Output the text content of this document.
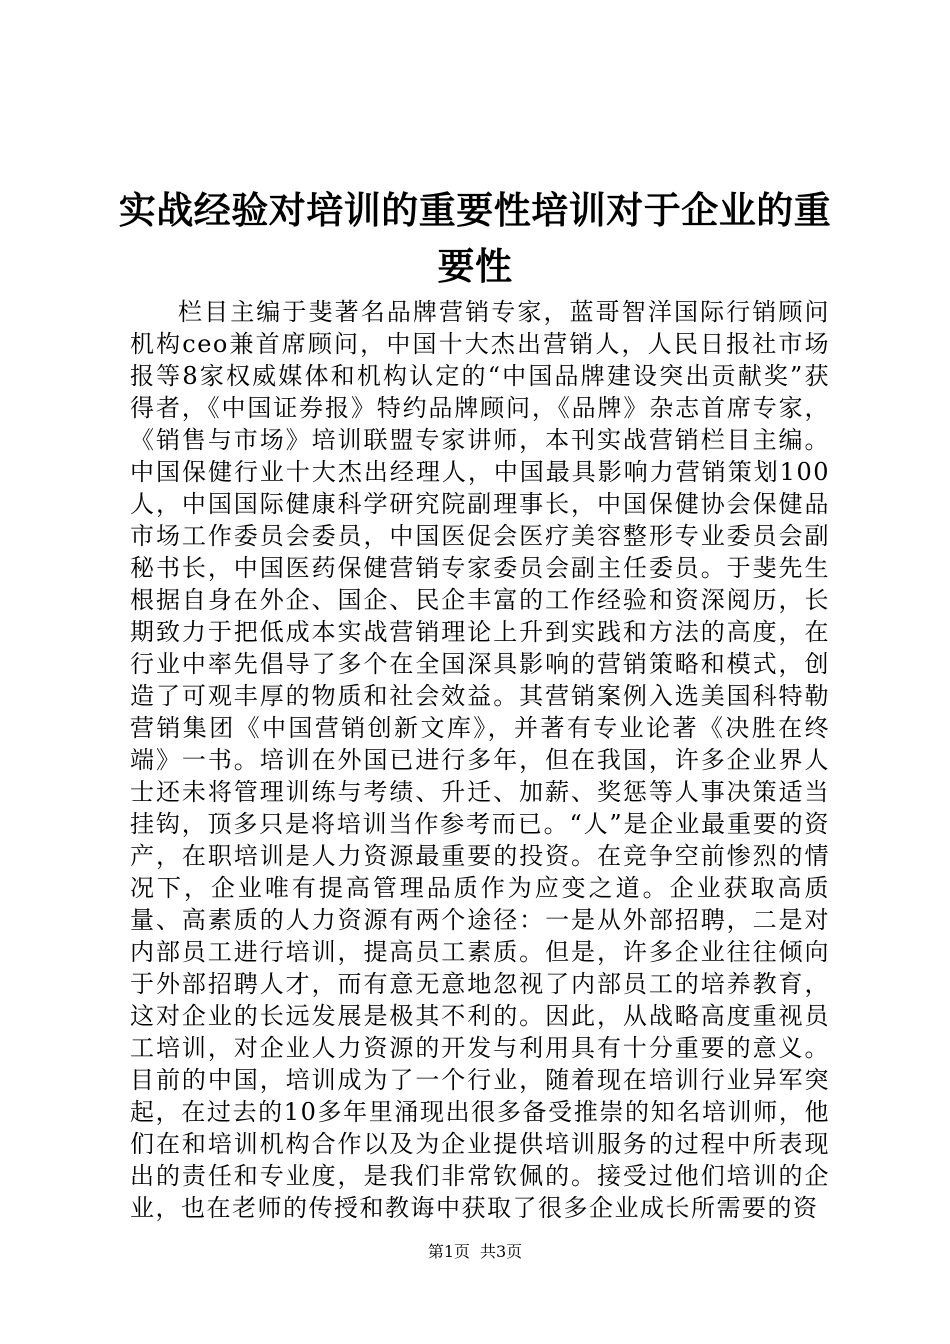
实战经验对培训的重要性培训对于企业的重要性

栏目主编于斐著名品牌营销专家，蓝哥智洋国际行销顾问机构ceo兼首席顾问，中国十大杰出营销人，人民日报社市场报等8家权威媒体和机构认定的“中国品牌建设突出贡献奖”获得者，《中国证券报》特约品牌顾问，《品牌》杂志首席专家，《销售与市场》培训联盟专家讲师，本刊实战营销栏目主编。中国保健行业十大杰出经理人，中国最具影响力营销策划100人，中国国际健康科学研究院副理事长，中国保健协会保健品市场工作委员会委员，中国医促会医疗美容整形专业委员会副秘书长，中国医药保健营销专家委员会副主任委员。于斐先生根据自身在外企、国企、民企丰富的工作经验和资深阅历，长期致力于把低成本实战营销理论上升到实践和方法的高度，在行业中率先倡导了多个在全国深具影响的营销策略和模式，创造了可观丰厚的物质和社会效益。其营销案例入选美国科特勒营销集团《中国营销创新文库》，并著有专业论著《决胜在终端》一书。培训在外国已进行多年，但在我国，许多企业界人士还未将管理训练与考绩、升迁、加薪、奖惩等人事决策适当挂钩，顶多只是将培训当作参考而已。“人”是企业最重要的资产，在职培训是人力资源最重要的投资。在竞争空前惨烈的情况下，企业唯有提高管理品质作为应变之道。企业获取高质量、高素质的人力资源有两个途径：一是从外部招聘，二是对内部员工进行培训，提高员工素质。但是，许多企业往往倾向于外部招聘人才，而有意无意地忽视了内部员工的培养教育，这对企业的长远发展是极其不利的。因此，从战略高度重视员工培训，对企业人力资源的开发与利用具有十分重要的意义。目前的中国，培训成为了一个行业，随着现在培训行业异军突起，在过去的10多年里涌现出很多备受推崇的知名培训师，他们在和培训机构合作以及为企业提供培训服务的过程中所表现出的责任和专业度，是我们非常钦佩的。接受过他们培训的企业，也在老师的传授和教诲中获取了很多企业成长所需要的资

第1页 共3页
